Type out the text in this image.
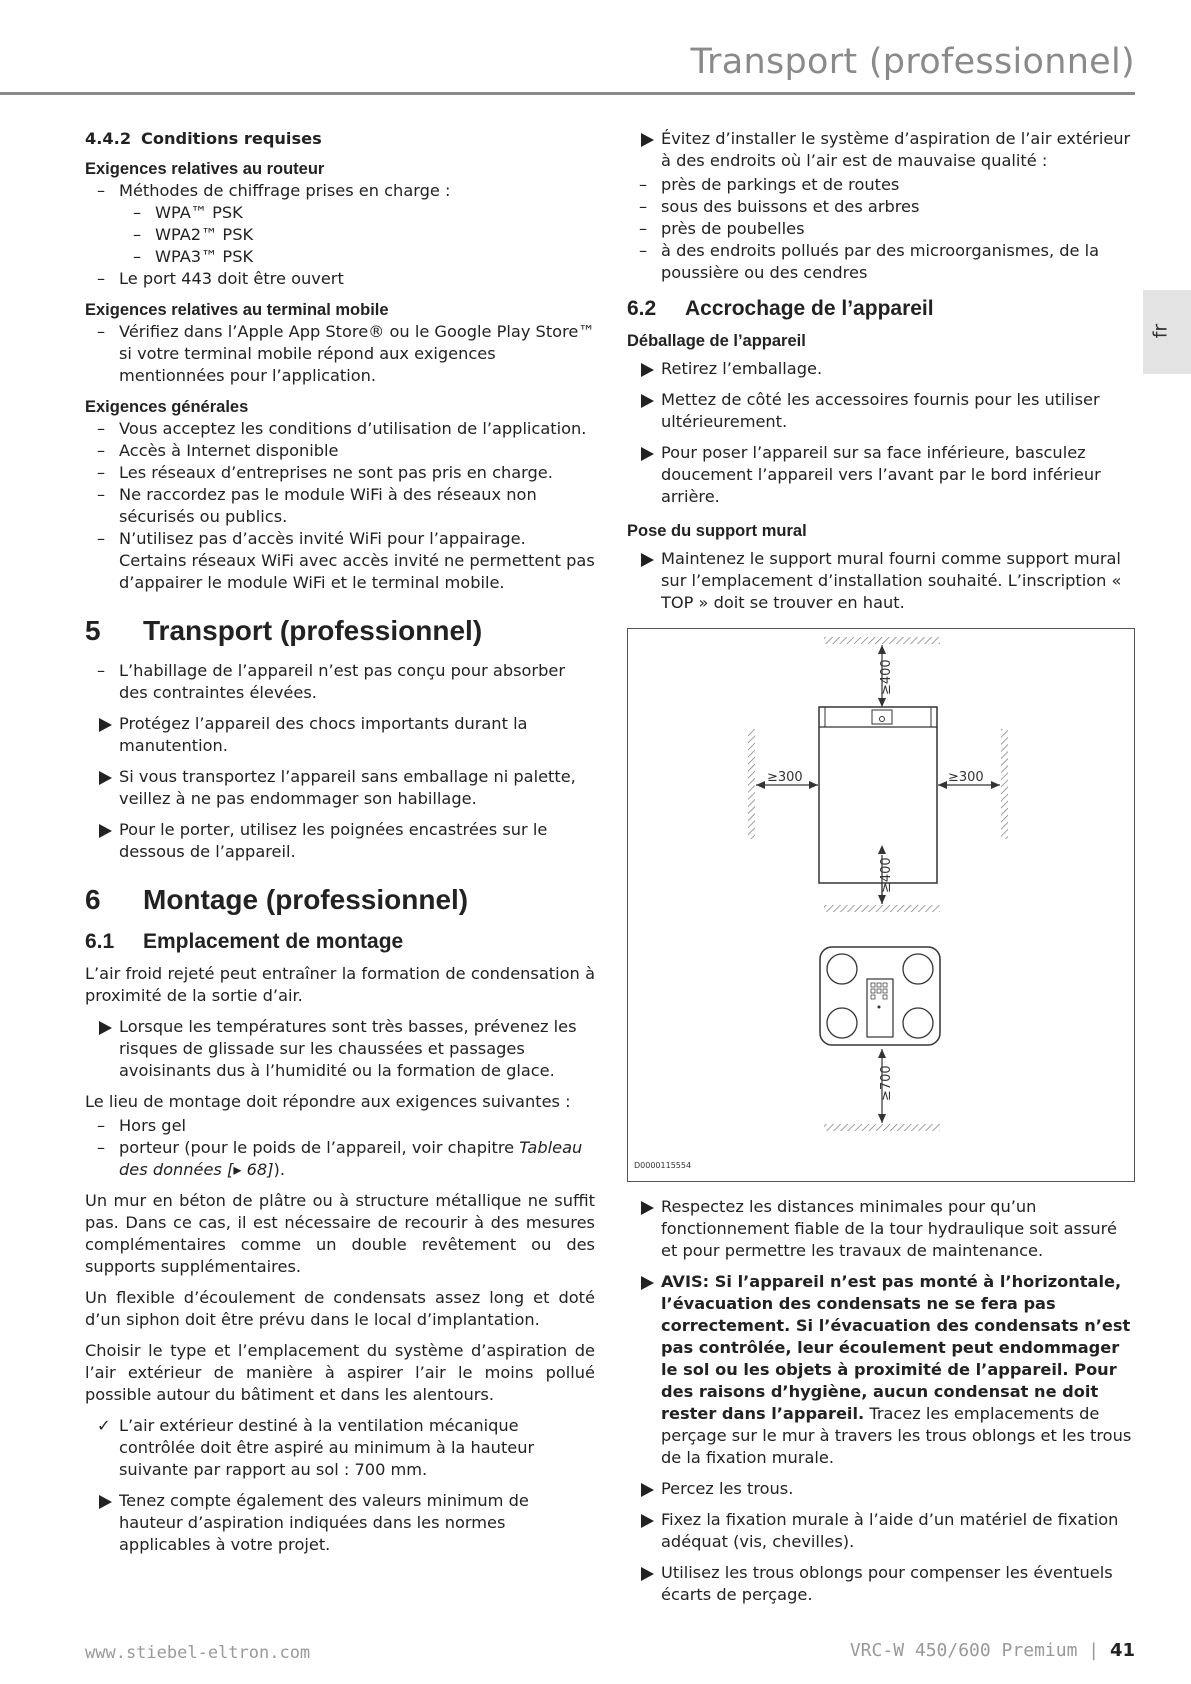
Transport (professionnel)
fr
4.4.2 Conditions requises
Exigences relatives au routeur
– Méthodes de chiffrage prises en charge :
– WPA™ PSK
– WPA2™ PSK
– WPA3™ PSK
– Le port 443 doit être ouvert
Exigences relatives au terminal mobile
– Vérifiez dans l’Apple App Store® ou le Google Play Store™ si votre terminal mobile répond aux exigences mentionnées pour l’application.
Exigences générales
– Vous acceptez les conditions d’utilisation de l’application.
– Accès à Internet disponible
– Les réseaux d’entreprises ne sont pas pris en charge.
– Ne raccordez pas le module WiFi à des réseaux non sécurisés ou publics.
– N’utilisez pas d’accès invité WiFi pour l’appairage. Certains réseaux WiFi avec accès invité ne permettent pas d’appairer le module WiFi et le terminal mobile.
5 Transport (professionnel)
– L’habillage de l’appareil n’est pas conçu pour absorber des contraintes élevées.
Protégez l’appareil des chocs importants durant la manutention.
Si vous transportez l’appareil sans emballage ni palette, veillez à ne pas endommager son habillage.
Pour le porter, utilisez les poignées encastrées sur le dessous de l’appareil.
6 Montage (professionnel)
6.1 Emplacement de montage

L’air froid rejeté peut entraîner la formation de condensation à proximité de la sortie d’air.

Lorsque les températures sont très basses, prévenez les risques de glissade sur les chaussées et passages avoisinants dus à l’humidité ou la formation de glace.

Le lieu de montage doit répondre aux exigences suivantes :

– Hors gel
– porteur (pour le poids de l’appareil, voir chapitre Tableau des données [▸ 68]).

Un mur en béton de plâtre ou à structure métallique ne suffit pas. Dans ce cas, il est nécessaire de recourir à des mesures complémentaires comme un double revêtement ou des supports supplémentaires.

Un flexible d’écoulement de condensats assez long et doté d’un siphon doit être prévu dans le local d’implantation.

Choisir le type et l’emplacement du système d’aspiration de l’air extérieur de manière à aspirer l’air le moins pollué possible autour du bâtiment et dans les alentours.

✓ L’air extérieur destiné à la ventilation mécanique contrôlée doit être aspiré au minimum à la hauteur suivante par rapport au sol : 700 mm.
Tenez compte également des valeurs minimum de hauteur d’aspiration indiquées dans les normes applicables à votre projet.
Évitez d’installer le système d’aspiration de l’air extérieur à des endroits où l’air est de mauvaise qualité :
– près de parkings et de routes
– sous des buissons et des arbres
– près de poubelles
– à des endroits pollués par des microorganismes, de la poussière ou des cendres
6.2 Accrochage de l’appareil
Déballage de l’appareil
Retirez l’emballage.
Mettez de côté les accessoires fournis pour les utiliser ultérieurement.
Pour poser l’appareil sur sa face inférieure, basculez doucement l’appareil vers l’avant par le bord inférieur arrière.
Pose du support mural
Maintenez le support mural fourni comme support mural sur l’emplacement d’installation souhaité. L’inscription « TOP » doit se trouver en haut.
≥400
≥300	≥300
≥400
≥700
D0000115554
Respectez les distances minimales pour qu’un fonctionnement fiable de la tour hydraulique soit assuré et pour permettre les travaux de maintenance.
AVIS: Si l’appareil n’est pas monté à l’horizontale, l’évacuation des condensats ne se fera pas correctement. Si l’évacuation des condensats n’est pas contrôlée, leur écoulement peut endommager le sol ou les objets à proximité de l’appareil. Pour des raisons d’hygiène, aucun condensat ne doit rester dans l’appareil. Tracez les emplacements de perçage sur le mur à travers les trous oblongs et les trous de la fixation murale.
Percez les trous.
Fixez la fixation murale à l’aide d’un matériel de fixation adéquat (vis, chevilles).
Utilisez les trous oblongs pour compenser les éventuels écarts de perçage.
www.stiebel-eltron.com	VRC-W 450/600 Premium | 41
